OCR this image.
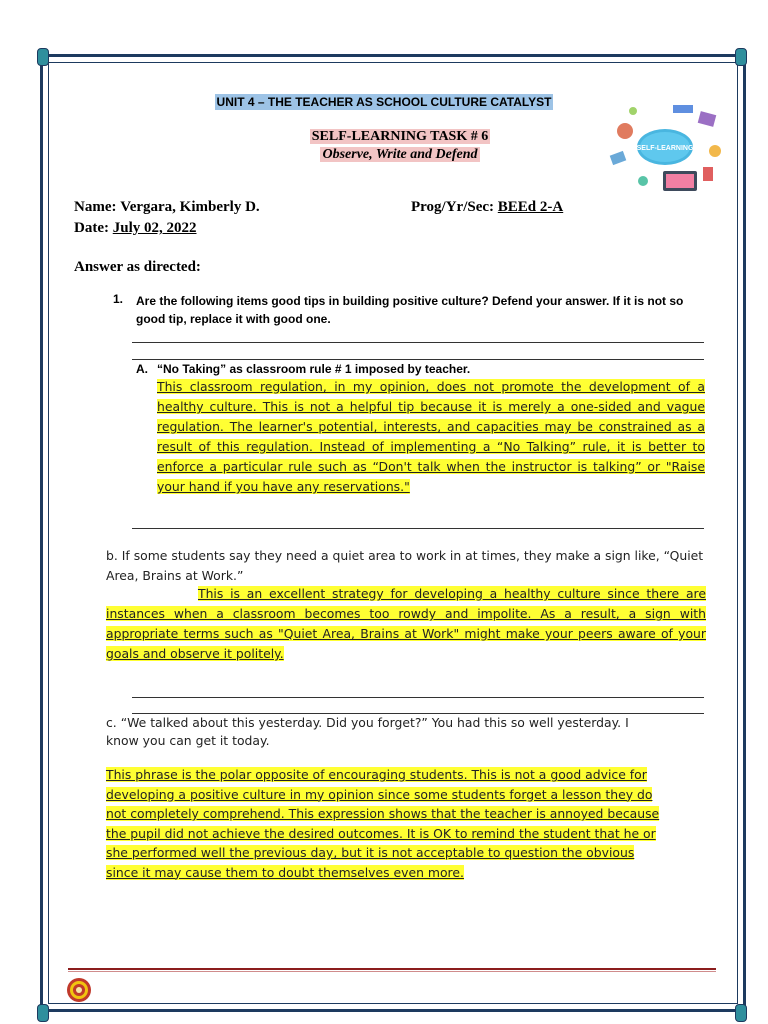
UNIT 4 – THE TEACHER AS SCHOOL CULTURE CATALYST
SELF-LEARNING TASK # 6
Observe, Write and Defend	SELF-LEARNING
Name: Vergara, Kimberly D.	Prog/Yr/Sec: BEEd 2-A
Date: July 02, 2022
Answer as directed:
1. Are the following items good tips in building positive culture? Defend your answer. If it is not so good tip, replace it with good one.
A. “No Taking” as classroom rule # 1 imposed by teacher.
This classroom regulation, in my opinion, does not promote the development of a healthy culture. This is not a helpful tip because it is merely a one-sided and vague regulation. The learner's potential, interests, and capacities may be constrained as a result of this regulation. Instead of implementing a “No Talking” rule, it is better to enforce a particular rule such as “Don't talk when the instructor is talking” or "Raise your hand if you have any reservations."
b. If some students say they need a quiet area to work in at times, they make a sign like, “Quiet Area, Brains at Work.”
This is an excellent strategy for developing a healthy culture since there are instances when a classroom becomes too rowdy and impolite. As a result, a sign with appropriate terms such as "Quiet Area, Brains at Work" might make your peers aware of your goals and observe it politely.
c. “We talked about this yesterday. Did you forget?” You had this so well yesterday. I know you can get it today.
This phrase is the polar opposite of encouraging students. This is not a good advice for developing a positive culture in my opinion since some students forget a lesson they do not completely comprehend. This expression shows that the teacher is annoyed because the pupil did not achieve the desired outcomes. It is OK to remind the student that he or she performed well the previous day, but it is not acceptable to question the obvious since it may cause them to doubt themselves even more.
